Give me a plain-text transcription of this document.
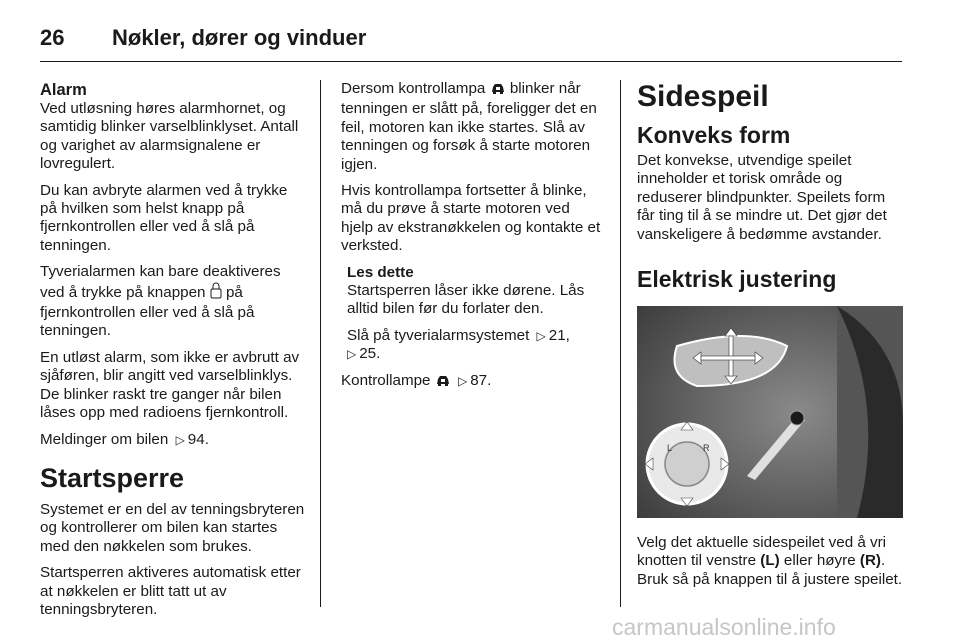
26	Nøkler, dører og vinduer
Alarm

Ved utløsning høres alarmhornet, og samtidig blinker varselblinklyset. Antall og varighet av alarmsignalene er lovregulert.

Du kan avbryte alarmen ved å trykke på hvilken som helst knapp på fjernkontrollen eller ved å slå på tenningen.

Tyverialarmen kan bare deaktiveres ved å trykke på knappen på fjernkontrollen eller ved å slå på tenningen.

En utløst alarm, som ikke er avbrutt av sjåføren, blir angitt ved varselblinklys. De blinker raskt tre ganger når bilen låses opp med radioens fjernkontroll.

Meldinger om bilen ▷ 94.

Startsperre

Systemet er en del av tenningsbryteren og kontrollerer om bilen kan startes med den nøkkelen som brukes.

Startsperren aktiveres automatisk etter at nøkkelen er blitt tatt ut av tenningsbryteren.

Dersom kontrollampa blinker når tenningen er slått på, foreligger det en feil, motoren kan ikke startes. Slå av tenningen og forsøk å starte motoren igjen.

Hvis kontrollampa fortsetter å blinke, må du prøve å starte motoren ved hjelp av ekstranøkkelen og kontakte et verksted.

Les dette

Startsperren låser ikke dørene. Lås alltid bilen før du forlater den.

Slå på tyverialarmsystemet ▷ 21,
▷ 25.

Kontrollampe ▷ 87.

Sidespeil
Konveks form

Det konvekse, utvendige speilet inneholder et torisk område og reduserer blindpunkter. Speilets form får ting til å se mindre ut. Det gjør det vanskeligere å bedømme avstander.

Elektrisk justering
L	R

Velg det aktuelle sidespeilet ved å vri knotten til venstre (L) eller høyre (R). Bruk så på knappen til å justere speilet.

carmanualsonline.info
